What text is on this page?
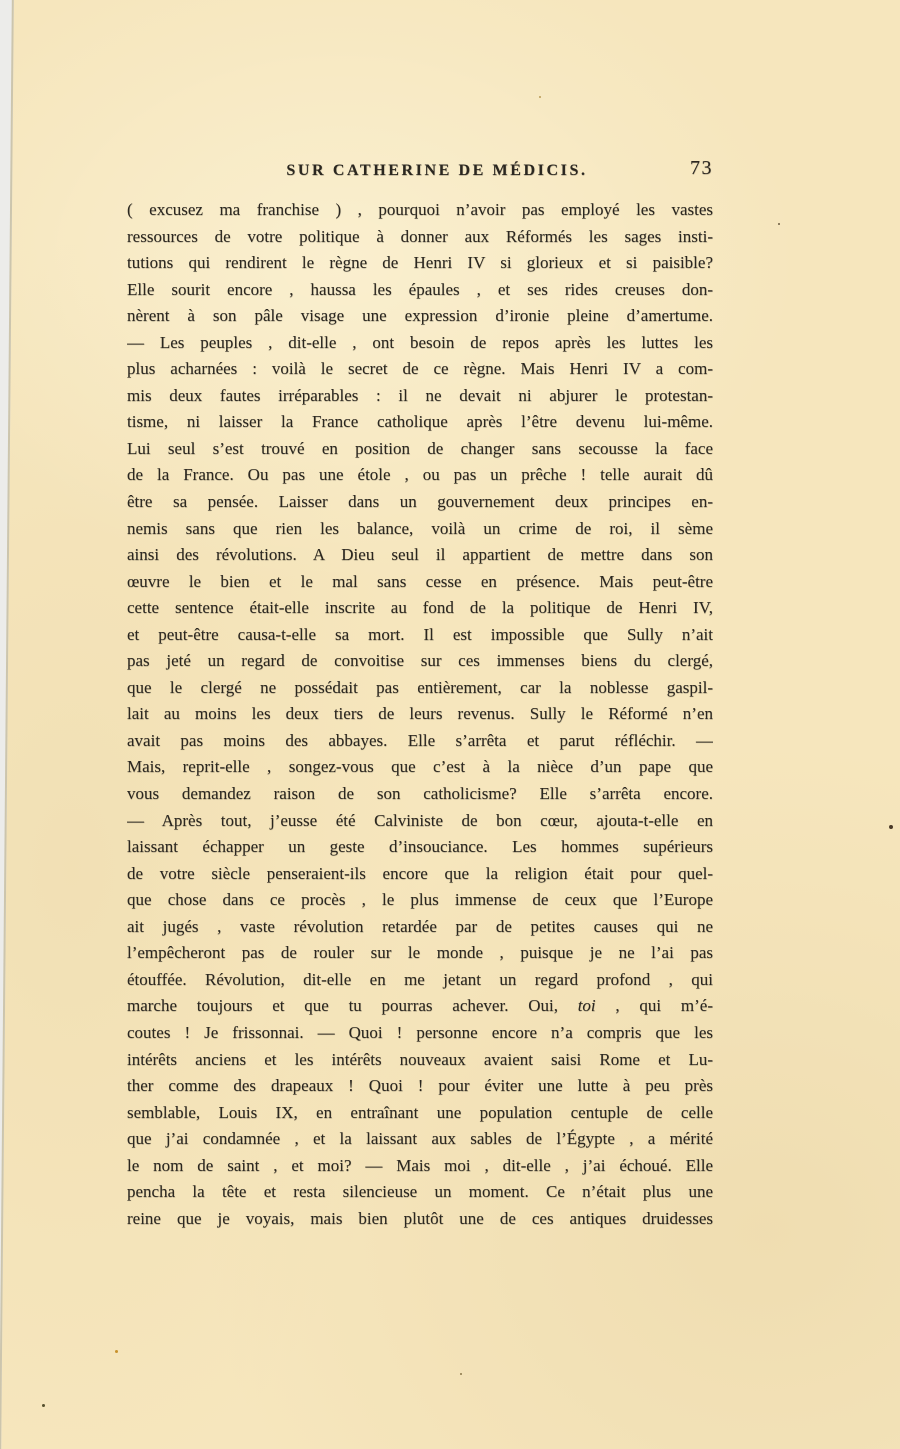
SUR CATHERINE DE MÉDICIS.	73
( excusez ma franchise ) , pourquoi n’avoir pas employé les vastes
ressources de votre politique à donner aux Réformés les sages insti-
tutions qui rendirent le règne de Henri IV si glorieux et si paisible?
Elle sourit encore , haussa les épaules , et ses rides creuses don-
nèrent à son pâle visage une expression d’ironie pleine d’amertume.
— Les peuples , dit-elle , ont besoin de repos après les luttes les
plus acharnées : voilà le secret de ce règne. Mais Henri IV a com-
mis deux fautes irréparables : il ne devait ni abjurer le protestan-
tisme, ni laisser la France catholique après l’être devenu lui-même.
Lui seul s’est trouvé en position de changer sans secousse la face
de la France. Ou pas une étole , ou pas un prêche ! telle aurait dû
être sa pensée. Laisser dans un gouvernement deux principes en-
nemis sans que rien les balance, voilà un crime de roi, il sème
ainsi des révolutions. A Dieu seul il appartient de mettre dans son
œuvre le bien et le mal sans cesse en présence. Mais peut-être
cette sentence était-elle inscrite au fond de la politique de Henri IV,
et peut-être causa-t-elle sa mort. Il est impossible que Sully n’ait
pas jeté un regard de convoitise sur ces immenses biens du clergé,
que le clergé ne possédait pas entièrement, car la noblesse gaspil-
lait au moins les deux tiers de leurs revenus. Sully le Réformé n’en
avait pas moins des abbayes. Elle s’arrêta et parut réfléchir. —
Mais, reprit-elle , songez-vous que c’est à la nièce d’un pape que
vous demandez raison de son catholicisme? Elle s’arrêta encore.
— Après tout, j’eusse été Calviniste de bon cœur, ajouta-t-elle en
laissant échapper un geste d’insouciance. Les hommes supérieurs
de votre siècle penseraient-ils encore que la religion était pour quel-
que chose dans ce procès , le plus immense de ceux que l’Europe
ait jugés , vaste révolution retardée par de petites causes qui ne
l’empêcheront pas de rouler sur le monde , puisque je ne l’ai pas
étouffée. Révolution, dit-elle en me jetant un regard profond , qui
marche toujours et que tu pourras achever. Oui, toi , qui m’é-
coutes ! Je frissonnai. — Quoi ! personne encore n’a compris que les
intérêts anciens et les intérêts nouveaux avaient saisi Rome et Lu-
ther comme des drapeaux ! Quoi ! pour éviter une lutte à peu près
semblable, Louis IX, en entraînant une population centuple de celle
que j’ai condamnée , et la laissant aux sables de l’Égypte , a mérité
le nom de saint , et moi? — Mais moi , dit-elle , j’ai échoué. Elle
pencha la tête et resta silencieuse un moment. Ce n’était plus une
reine que je voyais, mais bien plutôt une de ces antiques druidesses
